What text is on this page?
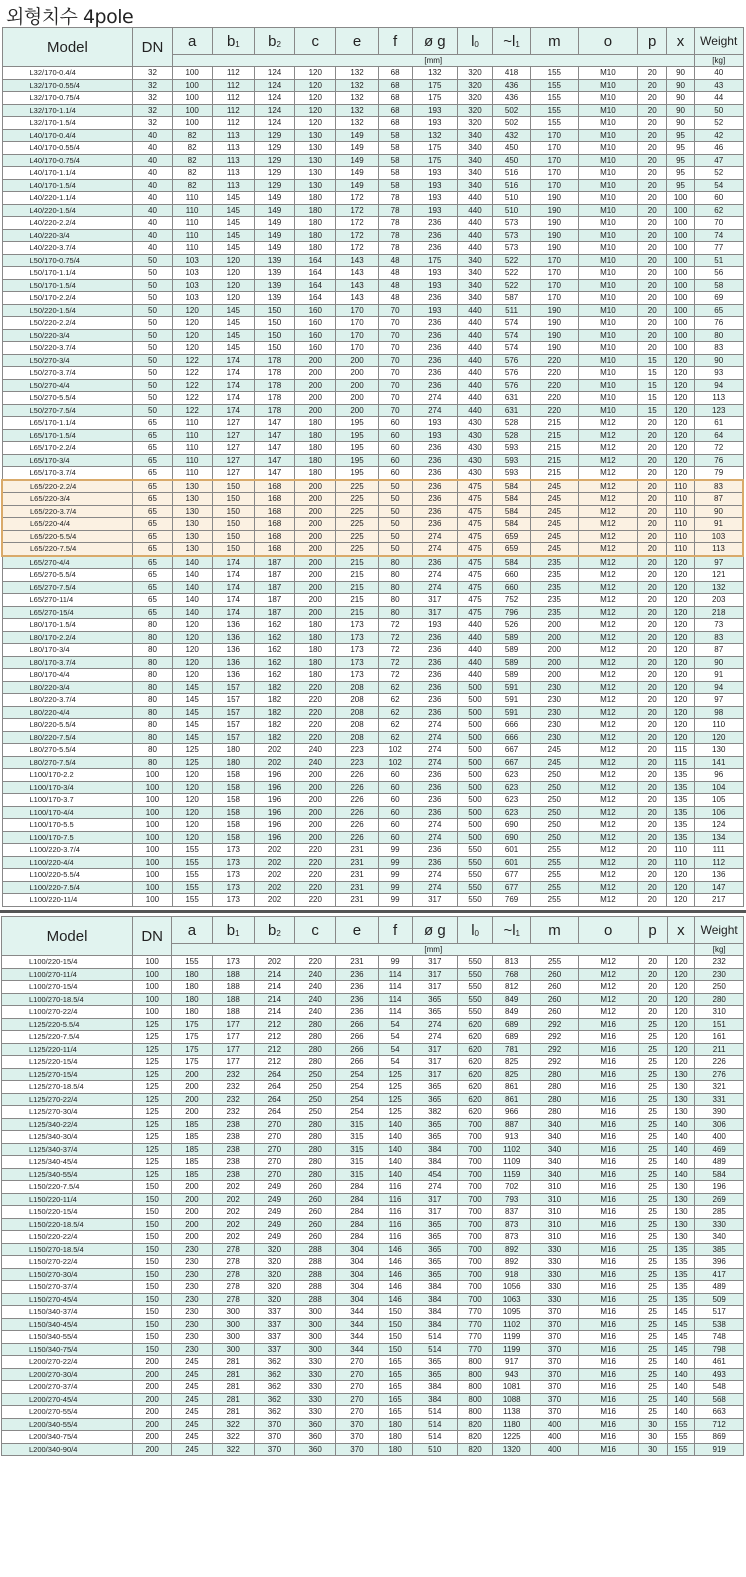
외형치수 4pole
Model	DN	a	$b_1$	$b_2$	c	e	f	ø g	$l_0$	$\sim l_1$	m	o	p	x	Weight
		[mm]													[kg]
L32/170-0.4/4	32	100	112	124	120	132	68	132	320	418	155	M10	20	90	40
L32/170-0.55/4	32	100	112	124	120	132	68	175	320	436	155	M10	20	90	43
L32/170-0.75/4	32	100	112	124	120	132	68	175	320	436	155	M10	20	90	44
L32/170-1.1/4	32	100	112	124	120	132	68	193	320	502	155	M10	20	90	50
L32/170-1.5/4	32	100	112	124	120	132	68	193	320	502	155	M10	20	90	52
L40/170-0.4/4	40	82	113	129	130	149	58	132	340	432	170	M10	20	95	42
L40/170-0.55/4	40	82	113	129	130	149	58	175	340	450	170	M10	20	95	46
L40/170-0.75/4	40	82	113	129	130	149	58	175	340	450	170	M10	20	95	47
L40/170-1.1/4	40	82	113	129	130	149	58	193	340	516	170	M10	20	95	52
L40/170-1.5/4	40	82	113	129	130	149	58	193	340	516	170	M10	20	95	54
L40/220-1.1/4	40	110	145	149	180	172	78	193	440	510	190	M10	20	100	60
L40/220-1.5/4	40	110	145	149	180	172	78	193	440	510	190	M10	20	100	62
L40/220-2.2/4	40	110	145	149	180	172	78	236	440	573	190	M10	20	100	70
L40/220-3/4	40	110	145	149	180	172	78	236	440	573	190	M10	20	100	74
L40/220-3.7/4	40	110	145	149	180	172	78	236	440	573	190	M10	20	100	77
L50/170-0.75/4	50	103	120	139	164	143	48	175	340	522	170	M10	20	100	51
L50/170-1.1/4	50	103	120	139	164	143	48	193	340	522	170	M10	20	100	56
L50/170-1.5/4	50	103	120	139	164	143	48	193	340	522	170	M10	20	100	58
L50/170-2.2/4	50	103	120	139	164	143	48	236	340	587	170	M10	20	100	69
L50/220-1.5/4	50	120	145	150	160	170	70	193	440	511	190	M10	20	100	65
L50/220-2.2/4	50	120	145	150	160	170	70	236	440	574	190	M10	20	100	76
L50/220-3/4	50	120	145	150	160	170	70	236	440	574	190	M10	20	100	80
L50/220-3.7/4	50	120	145	150	160	170	70	236	440	574	190	M10	20	100	83
L50/270-3/4	50	122	174	178	200	200	70	236	440	576	220	M10	15	120	90
L50/270-3.7/4	50	122	174	178	200	200	70	236	440	576	220	M10	15	120	93
L50/270-4/4	50	122	174	178	200	200	70	236	440	576	220	M10	15	120	94
L50/270-5.5/4	50	122	174	178	200	200	70	274	440	631	220	M10	15	120	113
L50/270-7.5/4	50	122	174	178	200	200	70	274	440	631	220	M10	15	120	123
L65/170-1.1/4	65	110	127	147	180	195	60	193	430	528	215	M12	20	120	61
L65/170-1.5/4	65	110	127	147	180	195	60	193	430	528	215	M12	20	120	64
L65/170-2.2/4	65	110	127	147	180	195	60	236	430	593	215	M12	20	120	72
L65/170-3/4	65	110	127	147	180	195	60	236	430	593	215	M12	20	120	76
L65/170-3.7/4	65	110	127	147	180	195	60	236	430	593	215	M12	20	120	79
L65/220-2.2/4	65	130	150	168	200	225	50	236	475	584	245	M12	20	110	83
L65/220-3/4	65	130	150	168	200	225	50	236	475	584	245	M12	20	110	87
L65/220-3.7/4	65	130	150	168	200	225	50	236	475	584	245	M12	20	110	90
L65/220-4/4	65	130	150	168	200	225	50	236	475	584	245	M12	20	110	91
L65/220-5.5/4	65	130	150	168	200	225	50	274	475	659	245	M12	20	110	103
L65/220-7.5/4	65	130	150	168	200	225	50	274	475	659	245	M12	20	110	113
L65/270-4/4	65	140	174	187	200	215	80	236	475	584	235	M12	20	120	97
L65/270-5.5/4	65	140	174	187	200	215	80	274	475	660	235	M12	20	120	121
L65/270-7.5/4	65	140	174	187	200	215	80	274	475	660	235	M12	20	120	132
L65/270-11/4	65	140	174	187	200	215	80	317	475	752	235	M12	20	120	203
L65/270-15/4	65	140	174	187	200	215	80	317	475	796	235	M12	20	120	218
L80/170-1.5/4	80	120	136	162	180	173	72	193	440	526	200	M12	20	120	73
L80/170-2.2/4	80	120	136	162	180	173	72	236	440	589	200	M12	20	120	83
L80/170-3/4	80	120	136	162	180	173	72	236	440	589	200	M12	20	120	87
L80/170-3.7/4	80	120	136	162	180	173	72	236	440	589	200	M12	20	120	90
L80/170-4/4	80	120	136	162	180	173	72	236	440	589	200	M12	20	120	91
L80/220-3/4	80	145	157	182	220	208	62	236	500	591	230	M12	20	120	94
L80/220-3.7/4	80	145	157	182	220	208	62	236	500	591	230	M12	20	120	97
L80/220-4/4	80	145	157	182	220	208	62	236	500	591	230	M12	20	120	98
L80/220-5.5/4	80	145	157	182	220	208	62	274	500	666	230	M12	20	120	110
L80/220-7.5/4	80	145	157	182	220	208	62	274	500	666	230	M12	20	120	120
L80/270-5.5/4	80	125	180	202	240	223	102	274	500	667	245	M12	20	115	130
L80/270-7.5/4	80	125	180	202	240	223	102	274	500	667	245	M12	20	115	141
L100/170-2.2	100	120	158	196	200	226	60	236	500	623	250	M12	20	135	96
L100/170-3/4	100	120	158	196	200	226	60	236	500	623	250	M12	20	135	104
L100/170-3.7	100	120	158	196	200	226	60	236	500	623	250	M12	20	135	105
L100/170-4/4	100	120	158	196	200	226	60	236	500	623	250	M12	20	135	106
L100/170-5.5	100	120	158	196	200	226	60	274	500	690	250	M12	20	135	124
L100/170-7.5	100	120	158	196	200	226	60	274	500	690	250	M12	20	135	134
L100/220-3.7/4	100	155	173	202	220	231	99	236	550	601	255	M12	20	110	111
L100/220-4/4	100	155	173	202	220	231	99	236	550	601	255	M12	20	110	112
L100/220-5.5/4	100	155	173	202	220	231	99	274	550	677	255	M12	20	120	136
L100/220-7.5/4	100	155	173	202	220	231	99	274	550	677	255	M12	20	120	147
L100/220-11/4	100	155	173	202	220	231	99	317	550	769	255	M12	20	120	217
Model	DN	a	$b_1$	$b_2$	c	e	f	ø g	$l_0$	$\sim l_1$	m	o	p	x	Weight
		[mm]													[kg]
L100/220-15/4	100	155	173	202	220	231	99	317	550	813	255	M12	20	120	232
L100/270-11/4	100	180	188	214	240	236	114	317	550	768	260	M12	20	120	230
L100/270-15/4	100	180	188	214	240	236	114	317	550	812	260	M12	20	120	250
L100/270-18.5/4	100	180	188	214	240	236	114	365	550	849	260	M12	20	120	280
L100/270-22/4	100	180	188	214	240	236	114	365	550	849	260	M12	20	120	310
L125/220-5.5/4	125	175	177	212	280	266	54	274	620	689	292	M16	25	120	151
L125/220-7.5/4	125	175	177	212	280	266	54	274	620	689	292	M16	25	120	161
L125/220-11/4	125	175	177	212	280	266	54	317	620	781	292	M16	25	120	211
L125/220-15/4	125	175	177	212	280	266	54	317	620	825	292	M16	25	120	226
L125/270-15/4	125	200	232	264	250	254	125	317	620	825	280	M16	25	130	276
L125/270-18.5/4	125	200	232	264	250	254	125	365	620	861	280	M16	25	130	321
L125/270-22/4	125	200	232	264	250	254	125	365	620	861	280	M16	25	130	331
L125/270-30/4	125	200	232	264	250	254	125	382	620	966	280	M16	25	130	390
L125/340-22/4	125	185	238	270	280	315	140	365	700	887	340	M16	25	140	306
L125/340-30/4	125	185	238	270	280	315	140	365	700	913	340	M16	25	140	400
L125/340-37/4	125	185	238	270	280	315	140	384	700	1102	340	M16	25	140	469
L125/340-45/4	125	185	238	270	280	315	140	384	700	1109	340	M16	25	140	489
L125/340-55/4	125	185	238	270	280	315	140	454	700	1159	340	M16	25	140	584
L150/220-7.5/4	150	200	202	249	260	284	116	274	700	702	310	M16	25	130	196
L150/220-11/4	150	200	202	249	260	284	116	317	700	793	310	M16	25	130	269
L150/220-15/4	150	200	202	249	260	284	116	317	700	837	310	M16	25	130	285
L150/220-18.5/4	150	200	202	249	260	284	116	365	700	873	310	M16	25	130	330
L150/220-22/4	150	200	202	249	260	284	116	365	700	873	310	M16	25	130	340
L150/270-18.5/4	150	230	278	320	288	304	146	365	700	892	330	M16	25	135	385
L150/270-22/4	150	230	278	320	288	304	146	365	700	892	330	M16	25	135	396
L150/270-30/4	150	230	278	320	288	304	146	365	700	918	330	M16	25	135	417
L150/270-37/4	150	230	278	320	288	304	146	384	700	1056	330	M16	25	135	489
L150/270-45/4	150	230	278	320	288	304	146	384	700	1063	330	M16	25	135	509
L150/340-37/4	150	230	300	337	300	344	150	384	770	1095	370	M16	25	145	517
L150/340-45/4	150	230	300	337	300	344	150	384	770	1102	370	M16	25	145	538
L150/340-55/4	150	230	300	337	300	344	150	514	770	1199	370	M16	25	145	748
L150/340-75/4	150	230	300	337	300	344	150	514	770	1199	370	M16	25	145	798
L200/270-22/4	200	245	281	362	330	270	165	365	800	917	370	M16	25	140	461
L200/270-30/4	200	245	281	362	330	270	165	365	800	943	370	M16	25	140	493
L200/270-37/4	200	245	281	362	330	270	165	384	800	1081	370	M16	25	140	548
L200/270-45/4	200	245	281	362	330	270	165	384	800	1088	370	M16	25	140	568
L200/270-55/4	200	245	281	362	330	270	165	514	800	1138	370	M16	25	140	663
L200/340-55/4	200	245	322	370	360	370	180	514	820	1180	400	M16	30	155	712
L200/340-75/4	200	245	322	370	360	370	180	514	820	1225	400	M16	30	155	869
L200/340-90/4	200	245	322	370	360	370	180	510	820	1320	400	M16	30	155	919
